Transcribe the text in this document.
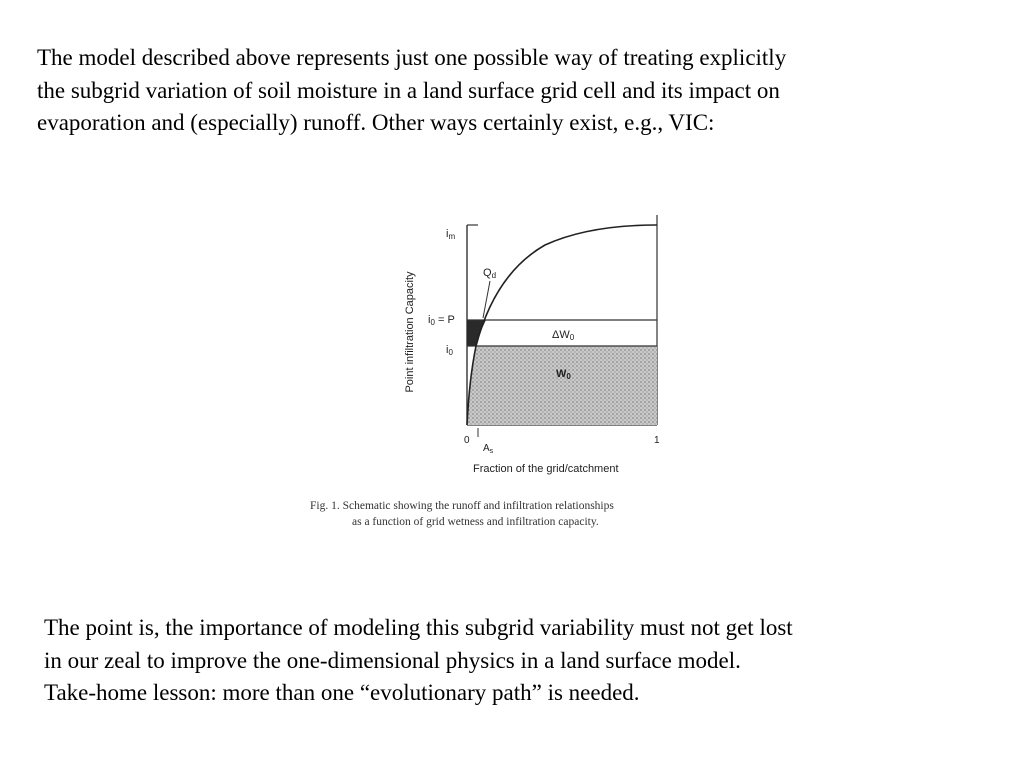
The model described above represents just one possible way of treating explicitly
the subgrid variation of soil moisture in a land surface grid cell and its impact on
evaporation and (especially) runoff. Other ways certainly exist, e.g., VIC:
Point infiltration Capacity
im
i0 = P
i0
Qd
ΔW0
W0
0
$A_s$
1
Fraction of the grid/catchment
Fig. 1. Schematic showing the runoff and infiltration relationships
as a function of grid wetness and infiltration capacity.
The point is, the importance of modeling this subgrid variability must not get lost
in our zeal to improve the one-dimensional physics in a land surface model.
Take-home lesson: more than one “evolutionary path” is needed.
